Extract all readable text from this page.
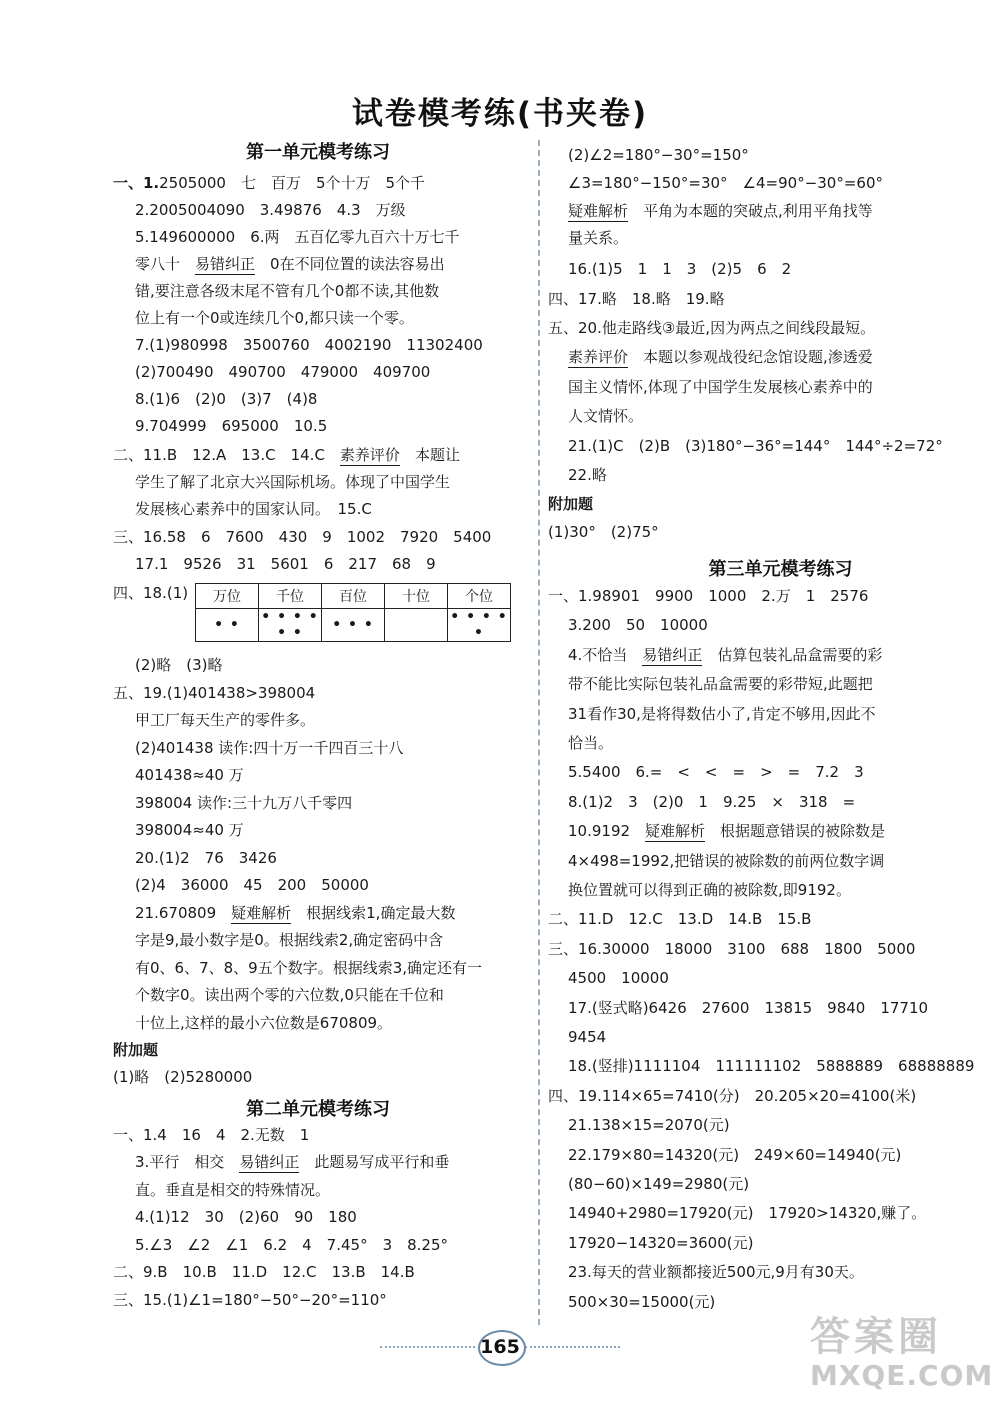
试卷模考练(书夹卷)
第一单元模考练习
一、1.2505000　七　百万　5个十万　5个千
2.2005004090　3.49876　4.3　万级
5.149600000　6.两　五百亿零九百六十万七千
零八十　易错纠正　0在不同位置的读法容易出
错,要注意各级末尾不管有几个0都不读,其他数
位上有一个0或连续几个0,都只读一个零。
7.(1)980998　3500760　4002190　11302400
(2)700490　490700　479000　409700
8.(1)6　(2)0　(3)7　(4)8
9.704999　695000　10.5
二、11.B　12.A　13.C　14.C　素养评价　本题让
学生了解了北京大兴国际机场。体现了中国学生
发展核心素养中的国家认同。　15.C
三、16.58　6　7600　430　9　1002　7920　5400
17.1　9526　31　5601　6　217　68　9
四、18.(1) 万位	千位	百位	十位	个位
• •	• • • • • •	• • •		• • • • •
(2)略　(3)略
五、19.(1)401438>398004
甲工厂每天生产的零件多。
(2)401438 读作:四十万一千四百三十八
401438≈40 万
398004 读作:三十九万八千零四
398004≈40 万
20.(1)2　76　3426
(2)4　36000　45　200　50000
21.670809　疑难解析　根据线索1,确定最大数
字是9,最小数字是0。根据线索2,确定密码中含
有0、6、7、8、9五个数字。根据线索3,确定还有一
个数字0。读出两个零的六位数,0只能在千位和
十位上,这样的最小六位数是670809。
附加题
(1)略　(2)5280000
第二单元模考练习
一、1.4　16　4　2.无数　1
3.平行　相交　易错纠正　此题易写成平行和垂
直。垂直是相交的特殊情况。
4.(1)12　30　(2)60　90　180
5.∠3　∠2　∠1　6.2　4　7.45°　3　8.25°
二、9.B　10.B　11.D　12.C　13.B　14.B
三、15.(1)∠1=180°−50°−20°=110°
(2)∠2=180°−30°=150°
∠3=180°−150°=30°　∠4=90°−30°=60°
疑难解析　平角为本题的突破点,利用平角找等
量关系。
16.(1)5　1　1　3　(2)5　6　2
四、17.略　18.略　19.略
五、20.他走路线③最近,因为两点之间线段最短。
素养评价　本题以参观战役纪念馆设题,渗透爱
国主义情怀,体现了中国学生发展核心素养中的
人文情怀。
21.(1)C　(2)B　(3)180°−36°=144°　144°÷2=72°
22.略
附加题
(1)30°　(2)75°
第三单元模考练习
一、1.98901　9900　1000　2.万　1　2576
3.200　50　10000
4.不恰当　易错纠正　估算包装礼品盒需要的彩
带不能比实际包装礼品盒需要的彩带短,此题把
31看作30,是将得数估小了,肯定不够用,因此不
恰当。
5.5400　6.=　<　<　=　>　=　7.2　3
8.(1)2　3　(2)0　1　9.25　×　318　=
10.9192　疑难解析　根据题意错误的被除数是
4×498=1992,把错误的被除数的前两位数字调
换位置就可以得到正确的被除数,即9192。
二、11.D　12.C　13.D　14.B　15.B
三、16.30000　18000　3100　688　1800　5000
4500　10000
17.(竖式略)6426　27600　13815　9840　17710
9454
18.(竖排)1111104　111111102　5888889　68888889
四、19.114×65=7410(分)　20.205×20=4100(米)
21.138×15=2070(元)
22.179×80=14320(元)　249×60=14940(元)
(80−60)×149=2980(元)
14940+2980=17920(元)　17920>14320,赚了。
17920−14320=3600(元)
23.每天的营业额都接近500元,9月有30天。
500×30=15000(元)
165	答案圈
MXQE.COM
